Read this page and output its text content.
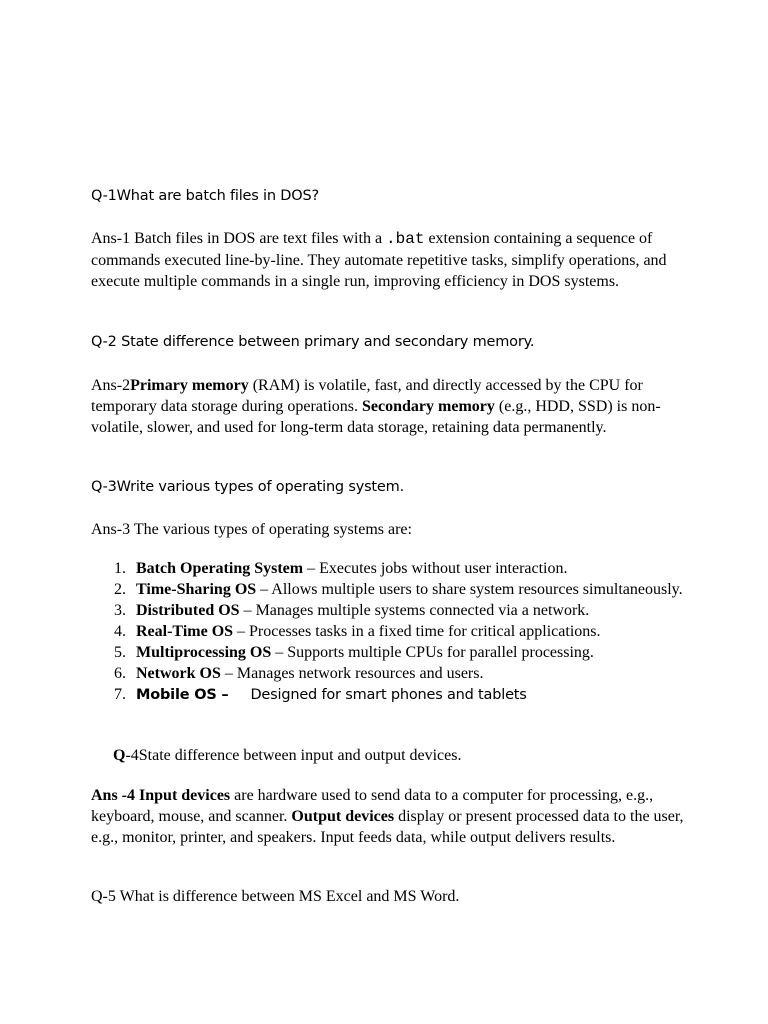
Q-1What are batch files in DOS?
Ans-1 Batch files in DOS are text files with a .bat extension containing a sequence of commands executed line-by-line. They automate repetitive tasks, simplify operations, and execute multiple commands in a single run, improving efficiency in DOS systems.
Q-2 State difference between primary and secondary memory.
Ans-2Primary memory (RAM) is volatile, fast, and directly accessed by the CPU for temporary data storage during operations. Secondary memory (e.g., HDD, SSD) is non-volatile, slower, and used for long-term data storage, retaining data permanently.
Q-3Write various types of operating system.
Ans-3 The various types of operating systems are:
1. Batch Operating System – Executes jobs without user interaction.
2. Time-Sharing OS – Allows multiple users to share system resources simultaneously.
3. Distributed OS – Manages multiple systems connected via a network.
4. Real-Time OS – Processes tasks in a fixed time for critical applications.
5. Multiprocessing OS – Supports multiple CPUs for parallel processing.
6. Network OS – Manages network resources and users.
7. Mobile OS – Designed for smart phones and tablets
Q-4State difference between input and output devices.
Ans -4 Input devices are hardware used to send data to a computer for processing, e.g., keyboard, mouse, and scanner. Output devices display or present processed data to the user, e.g., monitor, printer, and speakers. Input feeds data, while output delivers results.
Q-5 What is difference between MS Excel and MS Word.
